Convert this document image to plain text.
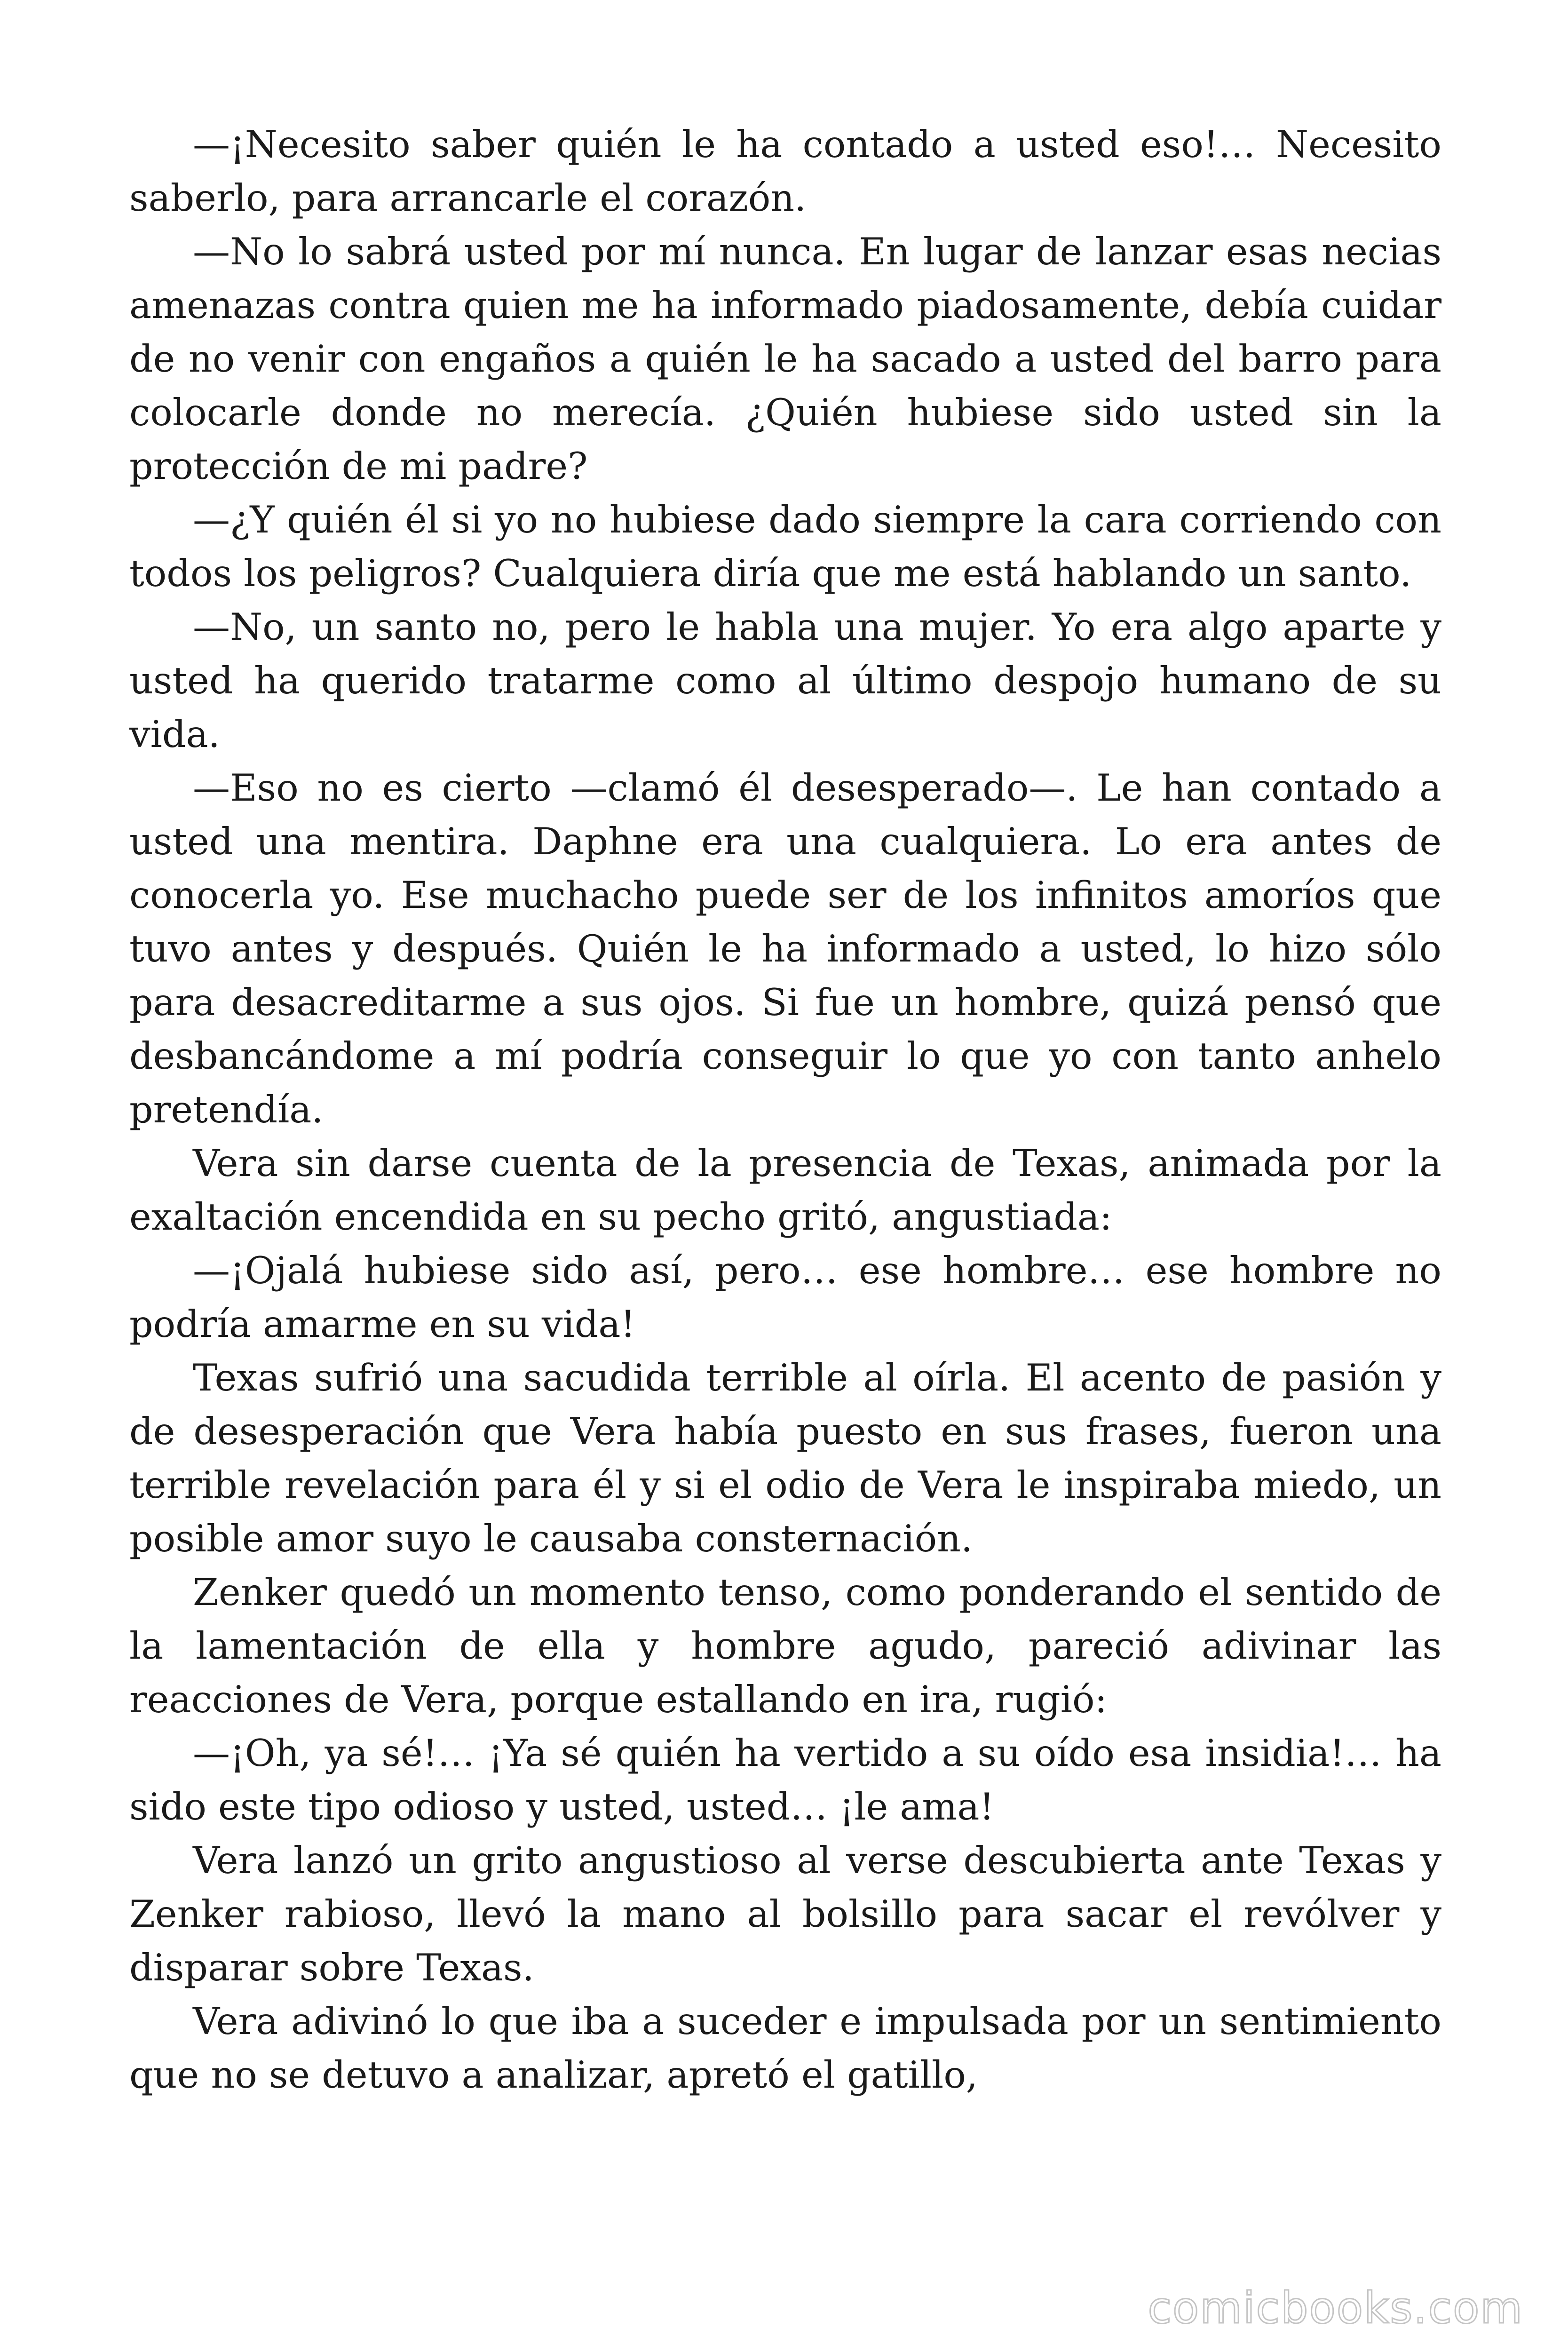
—¡Necesito saber quién le ha contado a usted eso!… Necesito saberlo, para arrancarle el corazón.

—No lo sabrá usted por mí nunca. En lugar de lanzar esas necias amenazas contra quien me ha informado piadosamente, debía cuidar de no venir con engaños a quién le ha sacado a usted del barro para colocarle donde no merecía. ¿Quién hubiese sido usted sin la protección de mi padre?

—¿Y quién él si yo no hubiese dado siempre la cara corriendo con todos los peligros? Cualquiera diría que me está hablando un santo.

—No, un santo no, pero le habla una mujer. Yo era algo aparte y usted ha querido tratarme como al último despojo humano de su vida.

—Eso no es cierto —clamó él desesperado—. Le han contado a usted una mentira. Daphne era una cualquiera. Lo era antes de conocerla yo. Ese muchacho puede ser de los infinitos amoríos que tuvo antes y después. Quién le ha informado a usted, lo hizo sólo para desacreditarme a sus ojos. Si fue un hombre, quizá pensó que desbancándome a mí podría conseguir lo que yo con tanto anhelo pretendía.

Vera sin darse cuenta de la presencia de Texas, animada por la exaltación encendida en su pecho gritó, angustiada:

—¡Ojalá hubiese sido así, pero… ese hombre… ese hombre no podría amarme en su vida!

Texas sufrió una sacudida terrible al oírla. El acento de pasión y de desesperación que Vera había puesto en sus frases, fueron una terrible revelación para él y si el odio de Vera le inspiraba miedo, un posible amor suyo le causaba consternación.

Zenker quedó un momento tenso, como ponderando el sentido de la lamentación de ella y hombre agudo, pareció adivinar las reacciones de Vera, porque estallando en ira, rugió:

—¡Oh, ya sé!… ¡Ya sé quién ha vertido a su oído esa insidia!… ha sido este tipo odioso y usted, usted… ¡le ama!

Vera lanzó un grito angustioso al verse descubierta ante Texas y Zenker rabioso, llevó la mano al bolsillo para sacar el revólver y disparar sobre Texas.

Vera adivinó lo que iba a suceder e impulsada por un sentimiento que no se detuvo a analizar, apretó el gatillo,

comicbooks.com
